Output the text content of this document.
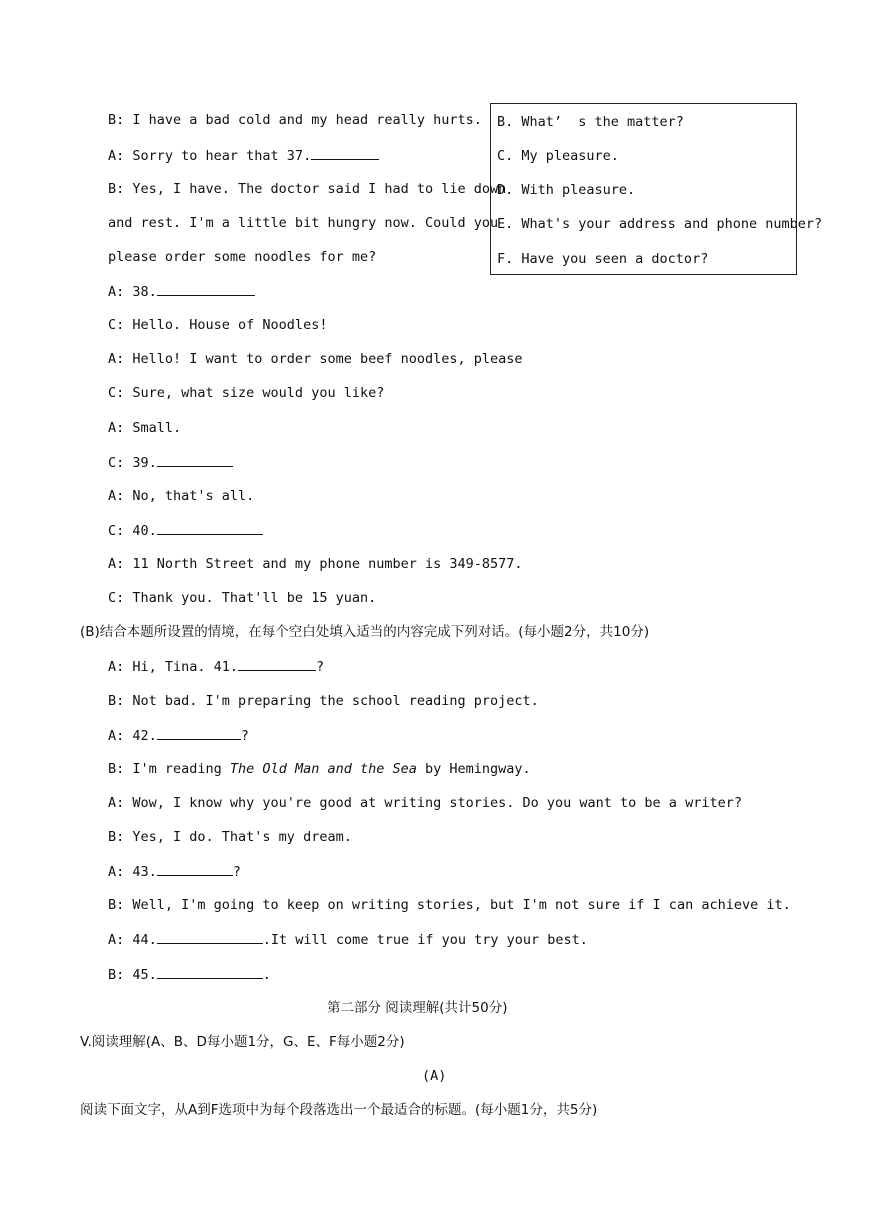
B: I have a bad cold and my head really hurts.
A: Sorry to hear that 37.
B: Yes, I have. The doctor said I had to lie down
and rest. I'm a little bit hungry now. Could you
please order some noodles for me?
A: 38.
C: Hello. House of Noodles!
A: Hello! I want to order some beef noodles, please
C: Sure, what size would you like?
A: Small.
C: 39.
A: No, that's all.
C: 40.
A: 11 North Street and my phone number is 349-8577.
C: Thank you. That'll be 15 yuan.
B. What’  s the matter?
C. My pleasure.
D. With pleasure.
E. What's your address and phone number?
F. Have you seen a doctor?
(B)结合本题所设置的情境，在每个空白处填入适当的内容完成下列对话。(每小题2分，共10分)
A: Hi, Tina. 41.	?
B: Not bad. I'm preparing the school reading project.
A: 42.	?
B: I'm reading The Old Man and the Sea by Hemingway.
A: Wow, I know why you're good at writing stories. Do you want to be a writer?
B: Yes, I do. That's my dream.
A: 43.	?
B: Well, I'm going to keep on writing stories, but I'm not sure if I can achieve it.
A: 44.	.It will come true if you try your best.
B: 45.	.
第二部分 阅读理解(共计50分)
V.阅读理解(A、B、D每小题1分，G、E、F每小题2分)
(A)
阅读下面文字，从A到F选项中为每个段落选出一个最适合的标题。(每小题1分，共5分)
